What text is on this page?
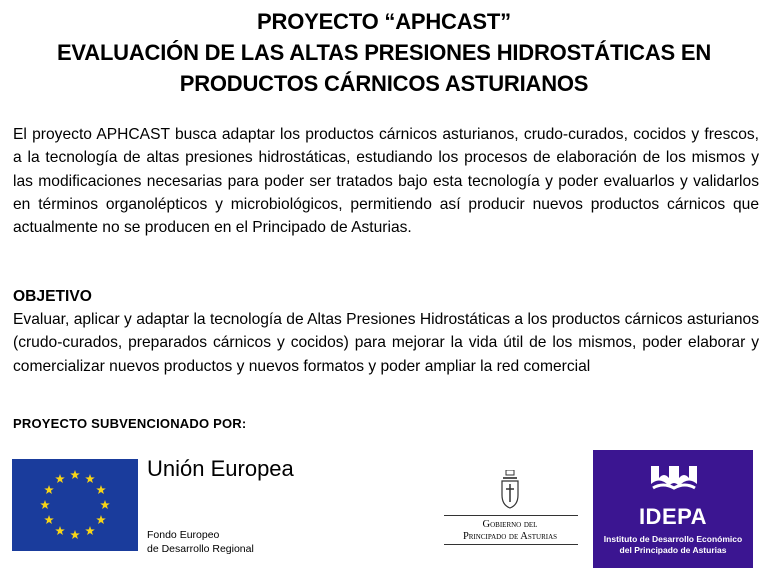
PROYECTO “APHCAST”
EVALUACIÓN DE LAS ALTAS PRESIONES HIDROSTÁTICAS EN
PRODUCTOS CÁRNICOS ASTURIANOS

El proyecto APHCAST busca adaptar los productos cárnicos asturianos, crudo-curados, cocidos y frescos, a la tecnología de altas presiones hidrostáticas, estudiando los procesos de elaboración de los mismos y las modificaciones necesarias para poder ser tratados bajo esta tecnología y poder evaluarlos y validarlos en términos organolépticos y microbiológicos, permitiendo así producir nuevos productos cárnicos que actualmente no se producen en el Principado de Asturias.

OBJETIVO

Evaluar, aplicar y adaptar la tecnología de Altas Presiones Hidrostáticas a los productos cárnicos asturianos (crudo-curados, preparados cárnicos y cocidos) para mejorar la vida útil de los mismos, poder elaborar y comercializar nuevos productos y nuevos formatos y poder ampliar la red comercial

PROYECTO SUBVENCIONADO POR:
Unión Europea
Fondo Europeo
de Desarrollo Regional
Gobierno del
Principado de Asturias
IDEPA
Instituto de Desarrollo Económico
del Principado de Asturias
